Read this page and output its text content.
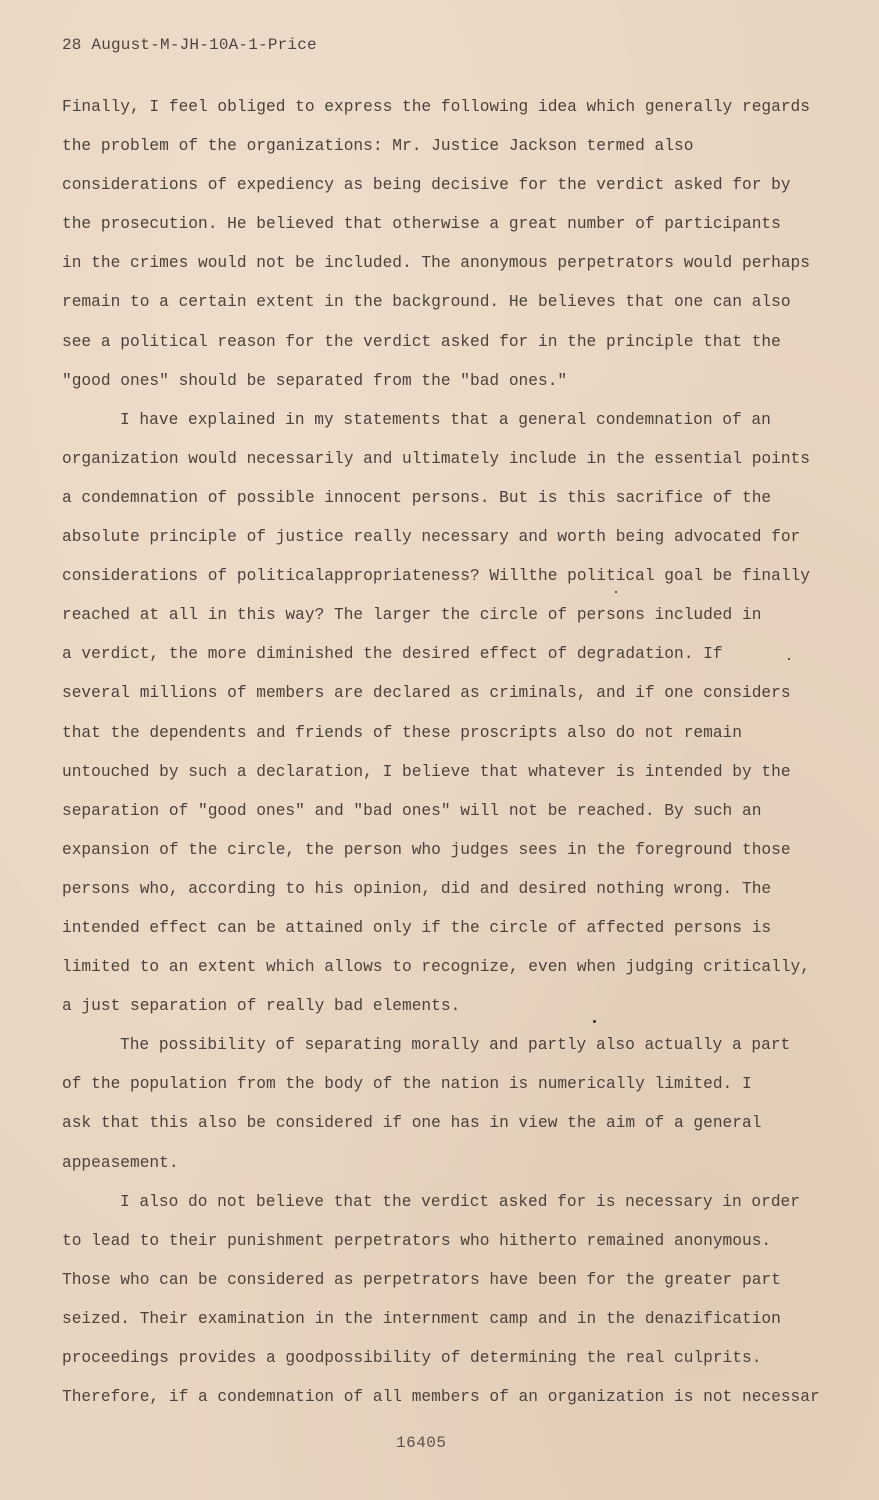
28 August-M-JH-10A-1-Price
Finally, I feel obliged to express the following idea which generally regards
the problem of the organizations: Mr. Justice Jackson termed also
considerations of expediency as being decisive for the verdict asked for by
the prosecution. He believed that otherwise a great number of participants
in the crimes would not be included. The anonymous perpetrators would perhaps
remain to a certain extent in the background. He believes that one can also
see a political reason for the verdict asked for in the principle that the
"good ones" should be separated from the "bad ones."
I have explained in my statements that a general condemnation of an
organization would necessarily and ultimately include in the essential points
a condemnation of possible innocent persons. But is this sacrifice of the
absolute principle of justice really necessary and worth being advocated for
considerations of politicalappropriateness? Willthe political goal be finally
reached at all in this way? The larger the circle of persons included in
a verdict, the more diminished the desired effect of degradation. If
several millions of members are declared as criminals, and if one considers
that the dependents and friends of these proscripts also do not remain
untouched by such a declaration, I believe that whatever is intended by the
separation of "good ones" and "bad ones" will not be reached. By such an
expansion of the circle, the person who judges sees in the foreground those
persons who, according to his opinion, did and desired nothing wrong. The
intended effect can be attained only if the circle of affected persons is
limited to an extent which allows to recognize, even when judging critically,
a just separation of really bad elements.
The possibility of separating morally and partly also actually a part
of the population from the body of the nation is numerically limited. I
ask that this also be considered if one has in view the aim of a general
appeasement.
I also do not believe that the verdict asked for is necessary in order
to lead to their punishment perpetrators who hitherto remained anonymous.
Those who can be considered as perpetrators have been for the greater part
seized. Their examination in the internment camp and in the denazification
proceedings provides a goodpossibility of determining the real culprits.
Therefore, if a condemnation of all members of an organization is not necessar
16405
